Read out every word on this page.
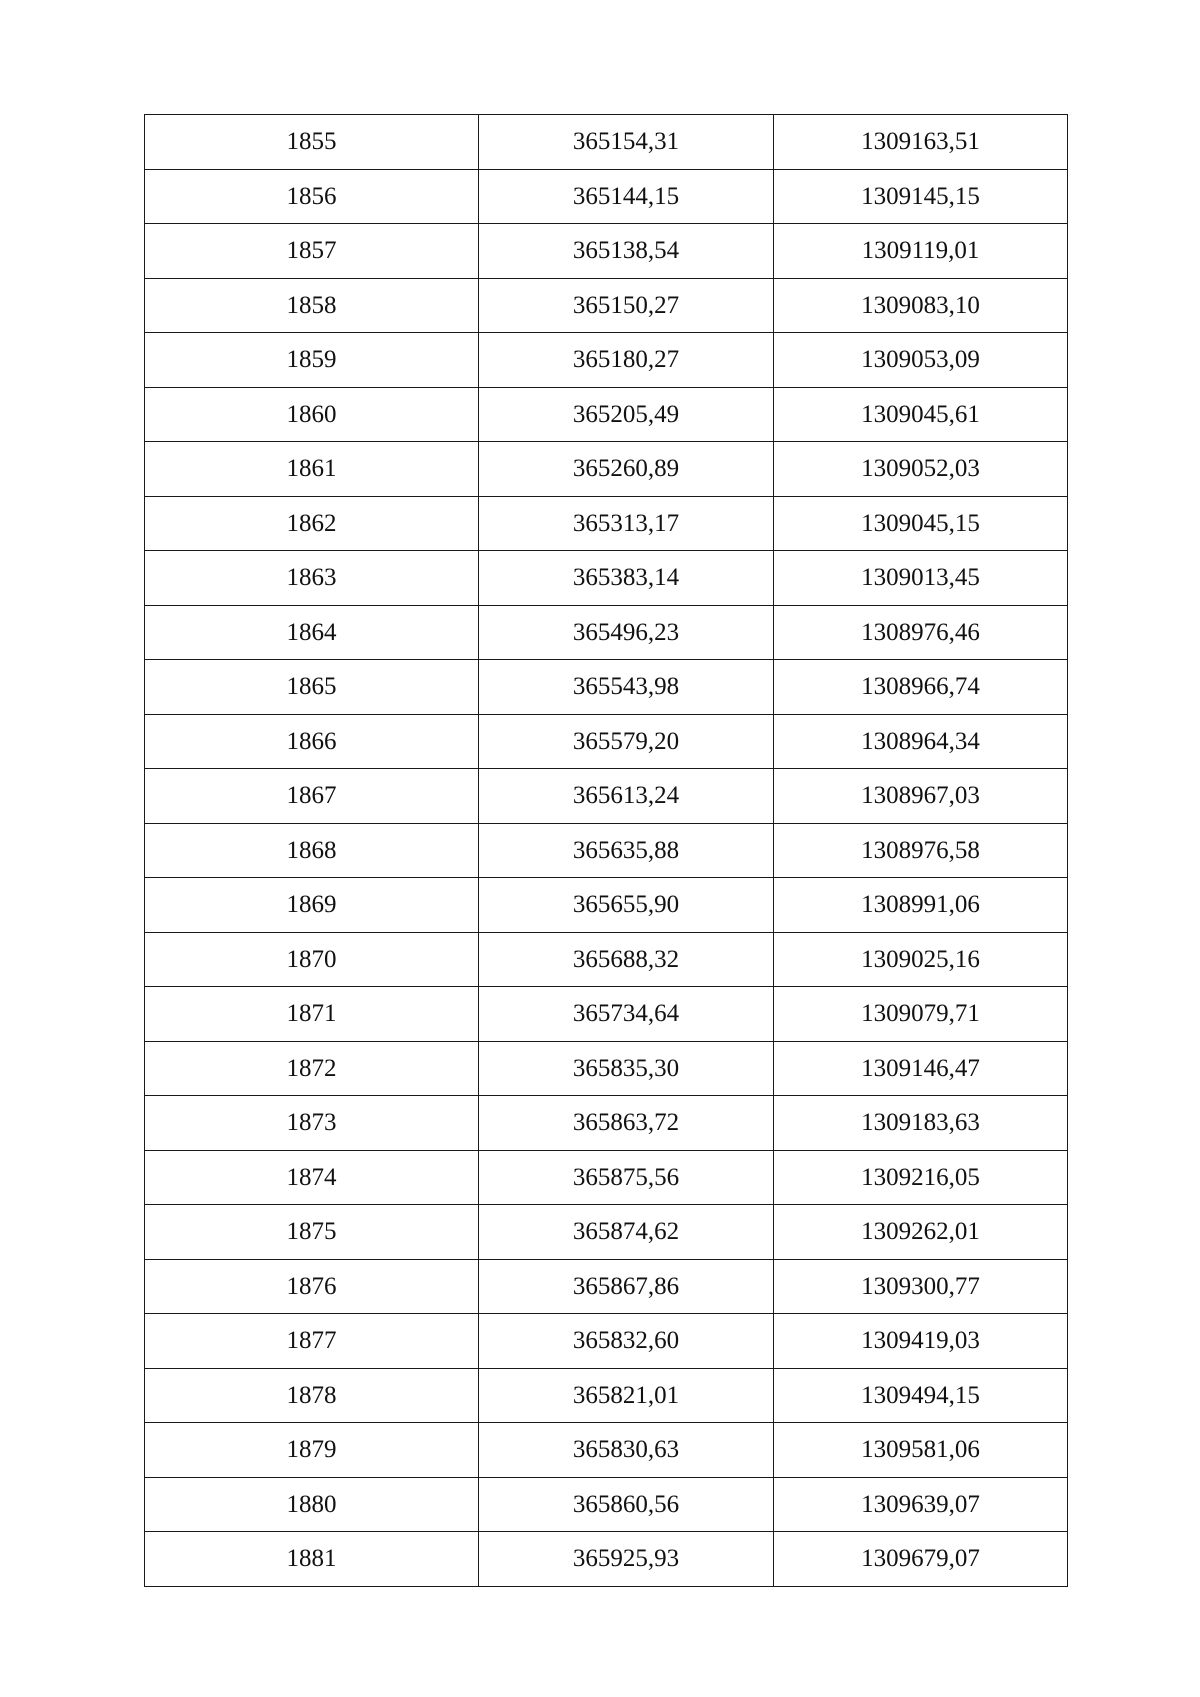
1855	365154,31	1309163,51
1856	365144,15	1309145,15
1857	365138,54	1309119,01
1858	365150,27	1309083,10
1859	365180,27	1309053,09
1860	365205,49	1309045,61
1861	365260,89	1309052,03
1862	365313,17	1309045,15
1863	365383,14	1309013,45
1864	365496,23	1308976,46
1865	365543,98	1308966,74
1866	365579,20	1308964,34
1867	365613,24	1308967,03
1868	365635,88	1308976,58
1869	365655,90	1308991,06
1870	365688,32	1309025,16
1871	365734,64	1309079,71
1872	365835,30	1309146,47
1873	365863,72	1309183,63
1874	365875,56	1309216,05
1875	365874,62	1309262,01
1876	365867,86	1309300,77
1877	365832,60	1309419,03
1878	365821,01	1309494,15
1879	365830,63	1309581,06
1880	365860,56	1309639,07
1881	365925,93	1309679,07
